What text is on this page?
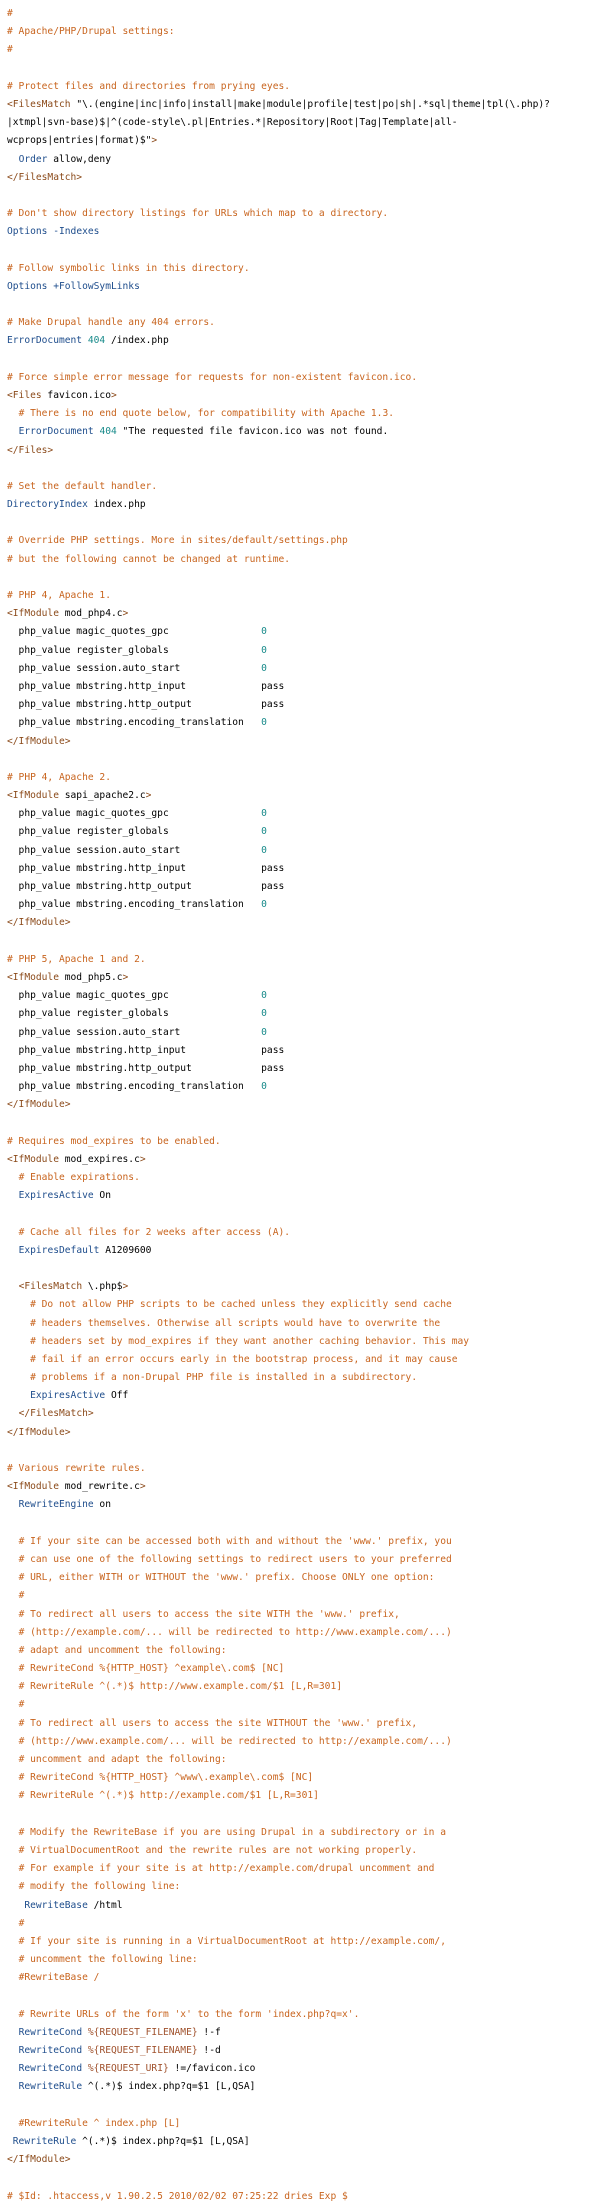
#
# Apache/PHP/Drupal settings:
#
# Protect files and directories from prying eyes.
<FilesMatch "\.(engine|inc|info|install|make|module|profile|test|po|sh|.*sql|theme|tpl(\.php)?
|xtmpl|svn-base)$|^(code-style\.pl|Entries.*|Repository|Root|Tag|Template|all-
wcprops|entries|format)$">
Order allow,deny
</FilesMatch>
# Don't show directory listings for URLs which map to a directory.
Options -Indexes
# Follow symbolic links in this directory.
Options +FollowSymLinks
# Make Drupal handle any 404 errors.
ErrorDocument 404 /index.php
# Force simple error message for requests for non-existent favicon.ico.
<Files favicon.ico>
# There is no end quote below, for compatibility with Apache 1.3.
ErrorDocument 404 "The requested file favicon.ico was not found.
</Files>
# Set the default handler.
DirectoryIndex index.php
# Override PHP settings. More in sites/default/settings.php
# but the following cannot be changed at runtime.
# PHP 4, Apache 1.
<IfModule mod_php4.c>
php_value magic_quotes_gpc                0
php_value register_globals                0
php_value session.auto_start              0
php_value mbstring.http_input             pass
php_value mbstring.http_output            pass
php_value mbstring.encoding_translation   0
</IfModule>
# PHP 4, Apache 2.
<IfModule sapi_apache2.c>
php_value magic_quotes_gpc                0
php_value register_globals                0
php_value session.auto_start              0
php_value mbstring.http_input             pass
php_value mbstring.http_output            pass
php_value mbstring.encoding_translation   0
</IfModule>
# PHP 5, Apache 1 and 2.
<IfModule mod_php5.c>
php_value magic_quotes_gpc                0
php_value register_globals                0
php_value session.auto_start              0
php_value mbstring.http_input             pass
php_value mbstring.http_output            pass
php_value mbstring.encoding_translation   0
</IfModule>
# Requires mod_expires to be enabled.
<IfModule mod_expires.c>
# Enable expirations.
ExpiresActive On
# Cache all files for 2 weeks after access (A).
ExpiresDefault A1209600
<FilesMatch \.php$>
# Do not allow PHP scripts to be cached unless they explicitly send cache
# headers themselves. Otherwise all scripts would have to overwrite the
# headers set by mod_expires if they want another caching behavior. This may
# fail if an error occurs early in the bootstrap process, and it may cause
# problems if a non-Drupal PHP file is installed in a subdirectory.
ExpiresActive Off
</FilesMatch>
</IfModule>
# Various rewrite rules.
<IfModule mod_rewrite.c>
RewriteEngine on
# If your site can be accessed both with and without the 'www.' prefix, you
# can use one of the following settings to redirect users to your preferred
# URL, either WITH or WITHOUT the 'www.' prefix. Choose ONLY one option:
#
# To redirect all users to access the site WITH the 'www.' prefix,
# (http://example.com/... will be redirected to http://www.example.com/...)
# adapt and uncomment the following:
# RewriteCond %{HTTP_HOST} ^example\.com$ [NC]
# RewriteRule ^(.*)$ http://www.example.com/$1 [L,R=301]
#
# To redirect all users to access the site WITHOUT the 'www.' prefix,
# (http://www.example.com/... will be redirected to http://example.com/...)
# uncomment and adapt the following:
# RewriteCond %{HTTP_HOST} ^www\.example\.com$ [NC]
# RewriteRule ^(.*)$ http://example.com/$1 [L,R=301]
# Modify the RewriteBase if you are using Drupal in a subdirectory or in a
# VirtualDocumentRoot and the rewrite rules are not working properly.
# For example if your site is at http://example.com/drupal uncomment and
# modify the following line:
RewriteBase /html
#
# If your site is running in a VirtualDocumentRoot at http://example.com/,
# uncomment the following line:
#RewriteBase /
# Rewrite URLs of the form 'x' to the form 'index.php?q=x'.
RewriteCond %{REQUEST_FILENAME} !-f
RewriteCond %{REQUEST_FILENAME} !-d
RewriteCond %{REQUEST_URI} !=/favicon.ico
RewriteRule ^(.*)$ index.php?q=$1 [L,QSA]
#RewriteRule ^ index.php [L]
RewriteRule ^(.*)$ index.php?q=$1 [L,QSA]
</IfModule>
# $Id: .htaccess,v 1.90.2.5 2010/02/02 07:25:22 dries Exp $
